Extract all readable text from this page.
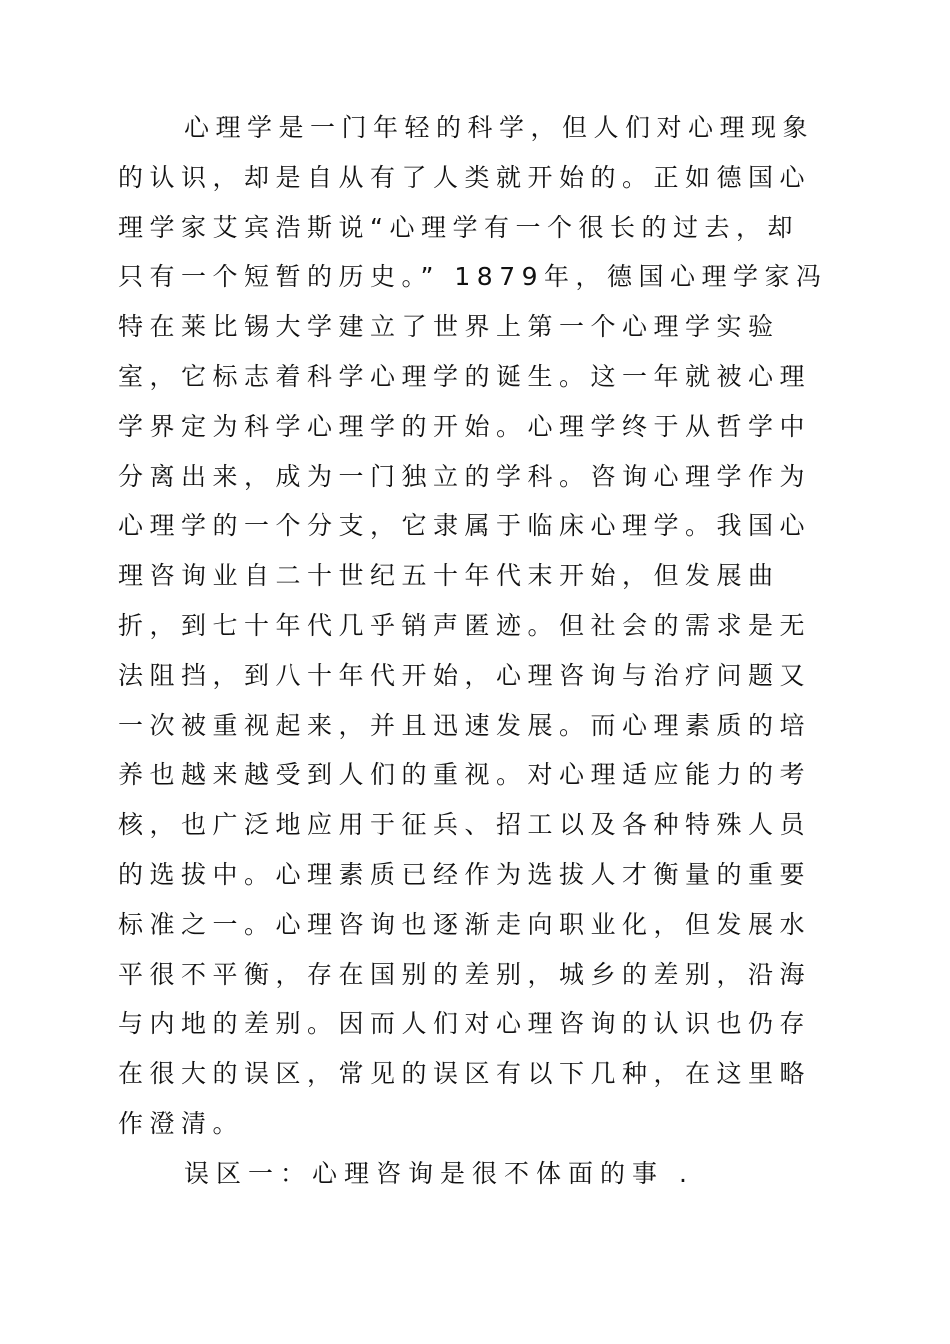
心理学是一门年轻的科学，但人们对心理现象
的认识，却是自从有了人类就开始的。正如德国心
理学家艾宾浩斯说“心理学有一个很长的过去，却
只有一个短暂的历史。” 1879年，德国心理学家冯
特在莱比锡大学建立了世界上第一个心理学实验
室，它标志着科学心理学的诞生。这一年就被心理
学界定为科学心理学的开始。心理学终于从哲学中
分离出来，成为一门独立的学科。咨询心理学作为
心理学的一个分支，它隶属于临床心理学。我国心
理咨询业自二十世纪五十年代末开始，但发展曲
折，到七十年代几乎销声匿迹。但社会的需求是无
法阻挡，到八十年代开始，心理咨询与治疗问题又
一次被重视起来，并且迅速发展。而心理素质的培
养也越来越受到人们的重视。对心理适应能力的考
核，也广泛地应用于征兵、招工以及各种特殊人员
的选拔中。心理素质已经作为选拔人才衡量的重要
标准之一。心理咨询也逐渐走向职业化，但发展水
平很不平衡，存在国别的差别，城乡的差别，沿海
与内地的差别。因而人们对心理咨询的认识也仍存
在很大的误区，常见的误区有以下几种，在这里略
作澄清。
误区一：心理咨询是很不体面的事 .
